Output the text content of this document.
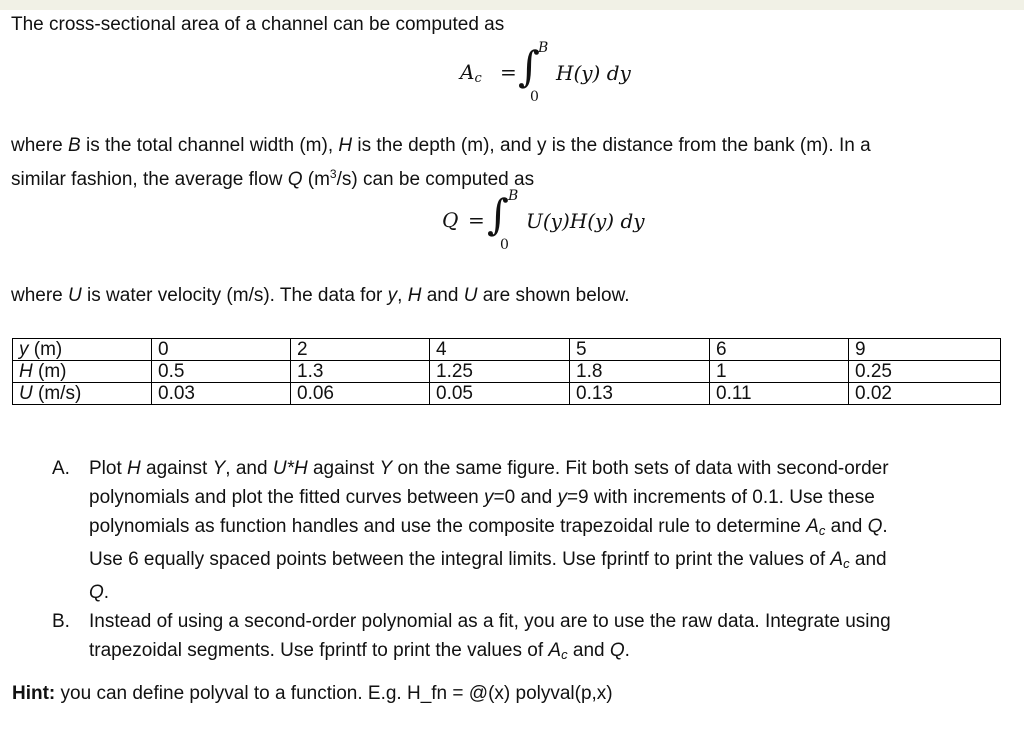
The cross-sectional area of a channel can be computed as
$A_c$ = ∫
B
0
H(y) dy
where B is the total channel width (m), H is the depth (m), and y is the distance from the bank (m). In a
similar fashion, the average flow Q $(m^3/s)$ can be computed as
Q = ∫ B
0
U(y)H(y) dy
where U is water velocity (m/s). The data for y, H and U are shown below.
y (m)	0	2	4	5	6	9
H (m)	0.5	1.3	1.25	1.8	1	0.25
U (m/s)	0.03	0.06	0.05	0.13	0.11	0.02
A. Plot H against Y, and U*H against Y on the same figure. Fit both sets of data with second-order
polynomials and plot the fitted curves between y=0 and y=9 with increments of 0.1. Use these
polynomials as function handles and use the composite trapezoidal rule to determine $A_c$ and Q.
Use 6 equally spaced points between the integral limits. Use fprintf to print the values of $A_c$ and
Q.
B. Instead of using a second-order polynomial as a fit, you are to use the raw data. Integrate using
trapezoidal segments. Use fprintf to print the values of $A_c$ and Q.
Hint: you can define polyval to a function. E.g. H_fn = @(x) polyval(p,x)
